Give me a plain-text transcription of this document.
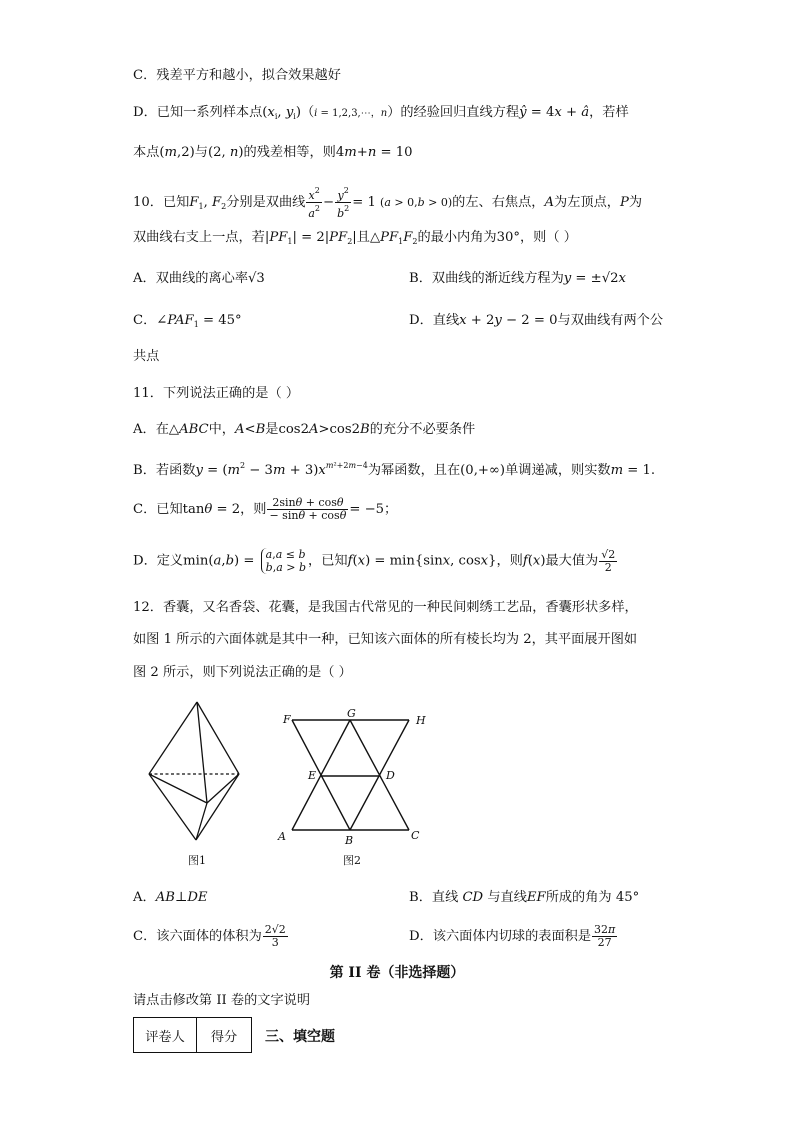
C．残差平方和越小，拟合效果越好
D．已知一系列样本点($x_i$, $y_i)(i$ = 1,2,3,⋯，n）的经验回归直线方程ŷ = 4x + â，若样
本点(m,2)与(2, n)的残差相等，则4m+n = 10
10．已知$F_1$, $F_2$分别是双曲线 $\frac{x^2}{a^2} - \frac{y^2}{b^2} = 1$ (a > 0,b > 0)的左、右焦点，A为左顶点，P为
双曲线右支上一点，若$|PF_1| = 2|PF_2|$且$\triangle PF_1F_2$的最小内角为30°，则（ ）
A．双曲线的离心率√3	B．双曲线的渐近线方程为y = ±√2x
C．$\angle PAF_1 = 45^\circ$	D．直线x + 2y − 2 = 0与双曲线有两个公
共点
11．下列说法正确的是（ ）
A．在△ABC中，A<B是cos2A>cos2B的充分不必要条件
B．若函数$y = (m^2 - 3m + 3)x^{m^2+2m-4}$为幂函数，且在(0,+∞)单调递减，则实数m = 1.
C．已知tanθ = 2，则 $\frac{2\sin\theta + \cos\theta}{- \sin\theta + \cos\theta} = -5$；
D．定义min(a,b) = a,a ≤ b
b,a > b ，已知f(x) = min{sinx, cosx}，则f(x)最大值为 $\frac{√2}{2}$
12．香囊，又名香袋、花囊，是我国古代常见的一种民间刺绣工艺品，香囊形状多样，
如图 1 所示的六面体就是其中一种，已知该六面体的所有棱长均为 2，其平面展开图如
图 2 所示，则下列说法正确的是（ ）
图1
F	G
H
E	D
A	B	C
图2
A．AB⊥DE	B．直线 CD 与直线EF所成的角为 45°
C．该六面体的体积为 $\frac{2√2}{3}$	D．该六面体内切球的表面积是 $\frac{32\pi}{27}$
第 II 卷（非选择题）
请点击修改第 II 卷的文字说明
评卷人	得分 三、填空题
